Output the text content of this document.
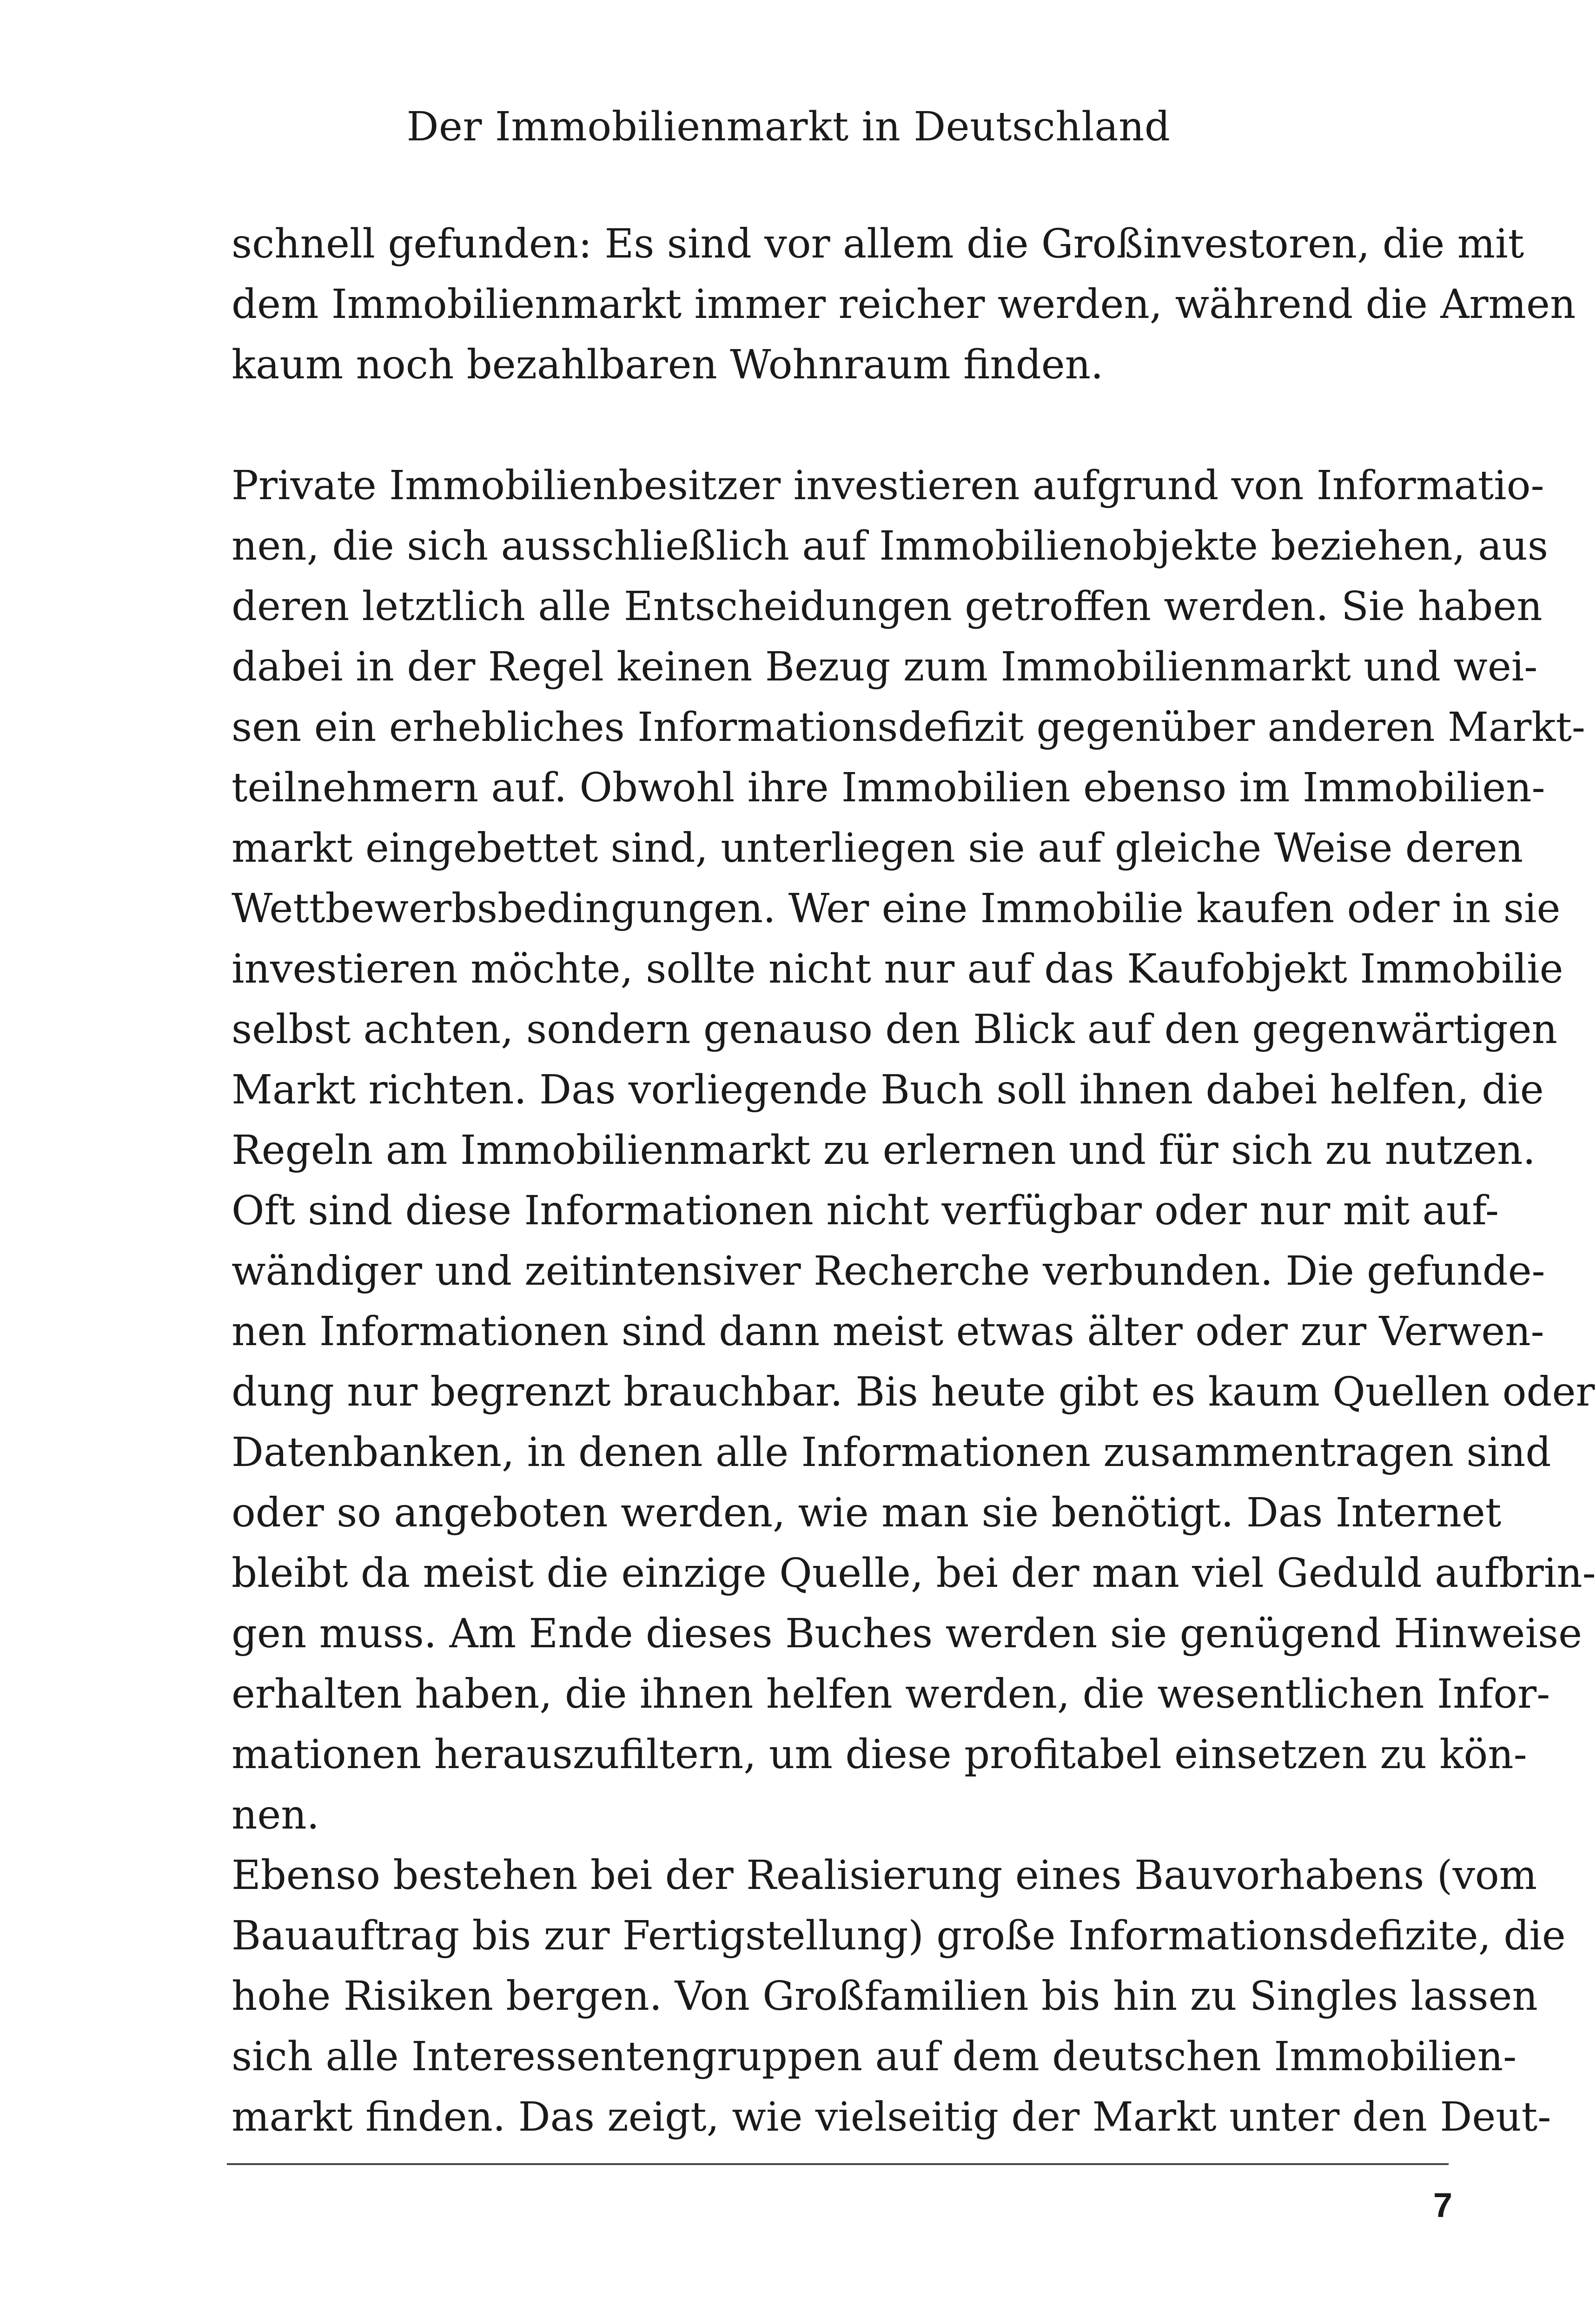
Der Immobilienmarkt in Deutschland
schnell gefunden: Es sind vor allem die Großinvestoren, die mit
dem Immobilienmarkt immer reicher werden, während die Armen
kaum noch bezahlbaren Wohnraum finden.
Private Immobilienbesitzer investieren aufgrund von Informatio-
nen, die sich ausschließlich auf Immobilienobjekte beziehen, aus
deren letztlich alle Entscheidungen getroffen werden. Sie haben
dabei in der Regel keinen Bezug zum Immobilienmarkt und wei-
sen ein erhebliches Informationsdefizit gegenüber anderen Markt-
teilnehmern auf. Obwohl ihre Immobilien ebenso im Immobilien-
markt eingebettet sind, unterliegen sie auf gleiche Weise deren
Wettbewerbsbedingungen. Wer eine Immobilie kaufen oder in sie
investieren möchte, sollte nicht nur auf das Kaufobjekt Immobilie
selbst achten, sondern genauso den Blick auf den gegenwärtigen
Markt richten. Das vorliegende Buch soll ihnen dabei helfen, die
Regeln am Immobilienmarkt zu erlernen und für sich zu nutzen.
Oft sind diese Informationen nicht verfügbar oder nur mit auf-
wändiger und zeitintensiver Recherche verbunden. Die gefunde-
nen Informationen sind dann meist etwas älter oder zur Verwen-
dung nur begrenzt brauchbar. Bis heute gibt es kaum Quellen oder
Datenbanken, in denen alle Informationen zusammentragen sind
oder so angeboten werden, wie man sie benötigt. Das Internet
bleibt da meist die einzige Quelle, bei der man viel Geduld aufbrin-
gen muss. Am Ende dieses Buches werden sie genügend Hinweise
erhalten haben, die ihnen helfen werden, die wesentlichen Infor-
mationen herauszufiltern, um diese profitabel einsetzen zu kön-
nen.
Ebenso bestehen bei der Realisierung eines Bauvorhabens (vom
Bauauftrag bis zur Fertigstellung) große Informationsdefizite, die
hohe Risiken bergen. Von Großfamilien bis hin zu Singles lassen
sich alle Interessentengruppen auf dem deutschen Immobilien-
markt finden. Das zeigt, wie vielseitig der Markt unter den Deut-
7
